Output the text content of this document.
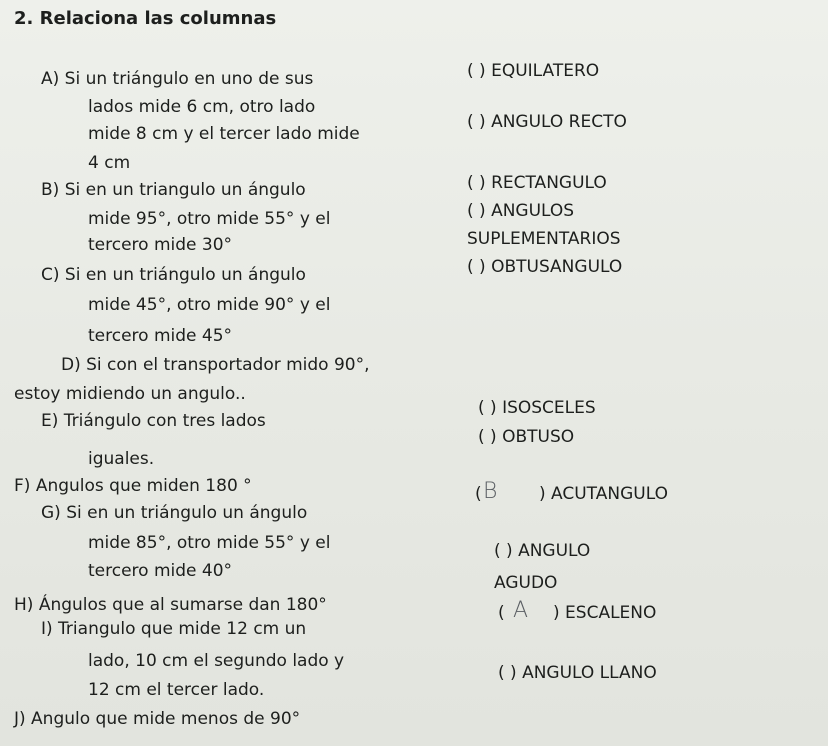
2. Relaciona las columnas
A) Si un triángulo en uno de sus
lados mide 6 cm, otro lado
mide 8 cm y el tercer lado mide
4 cm
B) Si en un triangulo un ángulo
mide 95°, otro mide 55° y el
tercero mide 30°
C) Si en un triángulo un ángulo
mide 45°, otro mide 90° y el
tercero mide 45°
D) Si con el transportador mido 90°,
estoy midiendo un angulo..
E) Triángulo con tres lados
iguales.
F) Angulos que miden 180 °
G) Si en un triángulo un ángulo
mide 85°, otro mide 55° y el
tercero mide 40°
H) Ángulos que al sumarse dan 180°
I) Triangulo que mide 12 cm un
lado, 10 cm el segundo lado y
12 cm el tercer lado.
J) Angulo que mide menos de 90°
( ) EQUILATERO
( ) ANGULO RECTO
( ) RECTANGULO
( ) ANGULOS
SUPLEMENTARIOS
( ) OBTUSANGULO
( ) ISOSCELES
( ) OBTUSO
( B	) ACUTANGULO
( ) ANGULO
AGUDO
( A ) ESCALENO
( ) ANGULO LLANO
